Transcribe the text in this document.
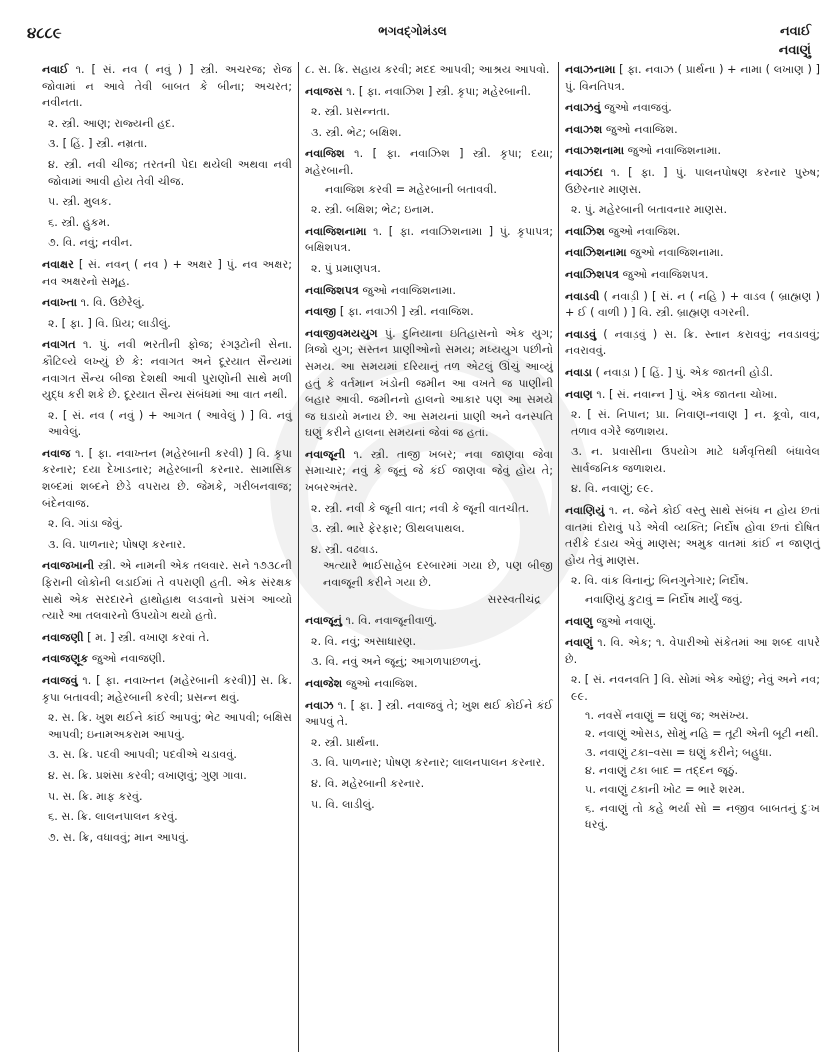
૪૮૮૯	ભગવદ્ગોમંડલ	નવાઈ
નવાણું
નવાઈ ૧. [ સં. નવ ( નવું ) ] સ્ત્રી. અચરજ; રોજ જોવામાં ન આવે તેવી બાબત કે બીના; અચરત; નવીનતા.
૨. સ્ત્રી. આણ; રાજ્યની હદ.
૩. [ હિં. ] સ્ત્રી. નમ્રતા.
૪. સ્ત્રી. નવી ચીજ; તરતની પેદા થયેલી અથવા નવી જોવામાં આવી હોય તેવી ચીજ.
૫. સ્ત્રી. મુલક.
૬. સ્ત્રી. હુકમ.
૭. વિ. નવું; નવીન.
નવાક્ષર [ સં. નવન્ ( નવ ) + અક્ષર ] પું. નવ અક્ષર; નવ અક્ષરનો સમૂહ.
નવાખ્તા ૧. વિ. ઉછેરેલું.
૨. [ ફા. ] વિ. પ્રિય; લાડીલું.
નવાગત ૧. પું. નવી ભરતીની ફોજ; રંગરૂટોની સેના. કૌટિલ્યે લખ્યું છે કે: નવાગત અને દૂરયાત સૈન્યમાં નવાગત સૈન્ય બીજા દેશથી આવી પુરાણોની સાથે મળી યુદ્ધ કરી શકે છે. દૂરયાત સૈન્ય સંબંધમાં આ વાત નથી.
૨. [ સં. નવ ( નવું ) + આગત ( આવેલું ) ] વિ. નવું આવેલું.
નવાજ ૧. [ ફા. નવાખ્તન (મહેરબાની કરવી) ] વિ. કૃપા કરનાર; દયા દેખાડનાર; મહેરબાની કરનાર. સામાસિક શબ્દમાં શબ્દને છેડે વપરાય છે. જેમકે, ગરીબનવાજ; બંદેનવાજ.
૨. વિ. ગાંડા જેવું.
૩. વિ. પાળનાર; પોષણ કરનાર.
નવાજખાની સ્ત્રી. એ નામની એક તલવાર. સને ૧૭૩૮ની ફિરાની લોકોની લડાઈમાં તે વપરાણી હતી. એક સંરક્ષક સાથે એક સરદારને હાથોહાથ લડવાનો પ્રસંગ આવ્યો ત્યારે આ તલવારનો ઉપયોગ થયો હતો.
નવાજણી [ મ. ] સ્ત્રી. વખાણ કરવાં તે.
નવાજણૂક જુઓ નવાજણી.
નવાજવું ૧. [ ફા. નવાખ્તન (મહેરબાની કરવી)] સ. ક્રિ. કૃપા બતાવવી; મહેરબાની કરવી; પ્રસન્ન થવું.
૨. સ. ક્રિ. ખુશ થઈને કાંઈ આપવું; ભેટ આપવી; બક્ષિસ આપવી; ઇનામઅકરામ આપવું.
૩. સ. ક્રિ. પદવી આપવી; પદવીએ ચડાવવું.
૪. સ. ક્રિ. પ્રશંસા કરવી; વખાણવું; ગુણ ગાવા.
૫. સ. ક્રિ. માફ કરવું.
૬. સ. ક્રિ. લાલનપાલન કરવું.
૭. સ. ક્રિ, વધાવવું; માન આપવું.
૮. સ. ક્રિ. સહાય કરવી; મદદ આપવી; આશ્રય આપવો.
નવાજસ ૧. [ ફા. નવાઝિશ ] સ્ત્રી. કૃપા; મહેરબાની.
૨. સ્ત્રી. પ્રસન્નતા.
૩. સ્ત્રી. ભેટ; બક્ષિશ.
નવાજિશ ૧. [ ફા. નવાઝિશ ] સ્ત્રી. કૃપા; દયા; મહેરબાની.
નવાજિશ કરવી = મહેરબાની બતાવવી.
૨. સ્ત્રી. બક્ષિશ; ભેટ; ઇનામ.
નવાજિશનામા ૧. [ ફા. નવાઝિશનામા ] પું. કૃપાપત્ર; બક્ષિશપત્ર.
૨. પું પ્રમાણપત્ર.
નવાજિશપત્ર જુઓ નવાજિશનામા.
નવાજી [ ફા. નવાઝી ] સ્ત્રી. નવાજિશ.
નવાજીવમયયુગ પું. દુનિયાના ઇતિહાસનો એક યુગ; ત્રિજો યુગ; સસ્તન પ્રાણીઓનો સમય; મધ્યયુગ પછીનો સમય. આ સમયમાં દરિયાનું તળ એટલું ઊંચું આવ્યું હતું કે વર્તમાન ખંડોની જમીન આ વખતે જ પાણીની બહાર આવી. જમીનનો હાલનો આકાર પણ આ સમયે જ ઘડાયો મનાય છે. આ સમયનાં પ્રાણી અને વનસ્પતિ ઘણું કરીને હાલના સમયનાં જેવાં જ હતાં.
નવાજૂની ૧. સ્ત્રી. તાજી ખબર; નવા જાણવા જેવા સમાચાર; નવું કે જૂનું જે કંઈ જાણવા જેવું હોય તે; ખબરઅંતર.
૨. સ્ત્રી. નવી કે જૂની વાત; નવી કે જૂની વાતચીત.
૩. સ્ત્રી. ભારે ફેરફાર; ઊથલપાથલ.
૪. સ્ત્રી. વઢવાડ.
અત્યારે ભાઈસાહેબ દરબારમાં ગયા છે, પણ બીજી નવાજૂની કરીને ગયા છે.
સરસ્વતીચંદ્ર
નવાજૂનું ૧. વિ. નવાજૂનીવાળું.
૨. વિ. નવું; અસાધારણ.
૩. વિ. નવું અને જૂનું; આગળપાછળનું.
નવાજેશ જુઓ નવાજિશ.
નવાઝ ૧. [ ફા. ] સ્ત્રી. નવાજવું તે; ખુશ થઈ કોઈને કંઈ આપવું તે.
૨. સ્ત્રી. પ્રાર્થના.
૩. વિ. પાળનાર; પોષણ કરનાર; લાલનપાલન કરનાર.
૪. વિ. મહેરબાની કરનાર.
૫. વિ. લાડીલું.
નવાઝનામા [ ફા. નવાઝ ( પ્રાર્થના ) + નામા ( લખાણ ) ] પું. વિનતિપત્ર.
નવાઝવું જુઓ નવાજવું.
નવાઝશ જુઓ નવાજિશ.
નવાઝશનામા જુઓ નવાજિશનામા.
નવાઝંદા ૧. [ ફા. ] પું. પાલનપોષણ કરનાર પુરુષ; ઉછેરનાર માણસ.
૨. પું. મહેરબાની બતાવનાર માણસ.
નવાઝિશ જુઓ નવાજિશ.
નવાઝિશનામા જુઓ નવાજિશનામા.
નવાઝિશપત્ર જુઓ નવાજિશપત્ર.
નવાડવી ( નવાડ઼ી ) [ સં. ન ( નહિ ) + વાડવ ( બ્રાહ્મણ ) + ઈ ( વાળી ) ] વિ. સ્ત્રી. બ્રાહ્મણ વગરની.
નવાડવું ( નવાડ઼વું ) સ. ક્રિ. સ્નાન કરાવવું; નવડાવવું; નવરાવવું.
નવાડા ( નવાડ઼ા ) [ હિં. ] પું. એક જાતની હોડી.
નવાણ ૧. [ સં. નવાન્ન ] પું. એક જાતના ચોખા.
૨. [ સં. નિપાન; પ્રા. નિવાણ-નવાણ ] ન. કૂવો, વાવ, તળાવ વગેરે જળાશય.
૩. ન. પ્રવાસીના ઉપયોગ માટે ધર્મવૃત્તિથી બંધાવેલ સાર્વજનિક જળાશય.
૪. વિ. નવાણું; ૯૯.
નવાણિયું ૧. ન. જેને કોઈ વસ્તુ સાથે સંબંધ ન હોય છતાં વાતમાં દોરાવું પડે એવી વ્યક્તિ; નિર્દોષ હોવા છતાં દોષિત તરીકે દંડાય એવું માણસ; અમુક વાતમાં કાંઈ ન જાણતું હોય તેવું માણસ.
૨. વિ. વાંક વિનાનું; બિનગુનેગાર; નિર્દોષ.
નવાણિયું કુટાવું = નિર્દોષ માર્યું જવું.
નવાણુ જુઓ નવાણું.
નવાણું ૧. વિ. એક; ૧. વેપારીઓ સંકેતમાં આ શબ્દ વાપરે છે.
૨. [ સં. નવનવતિ ] વિ. સોમાં એક ઓછું; નેવું અને નવ; ૯૯.
૧. નવસેં નવાણું = ઘણું જ; અસંખ્ય.
૨. નવાણું ઓસડ, સોમું નહિ = તૂટી એની બૂટી નથી.
૩. નવાણું ટકા–વસા = ઘણું કરીને; બહુધા.
૪. નવાણું ટકા બાદ = તદ્દન જૂઠું.
૫. નવાણું ટકાની ખોટ = ભારે શરમ.
૬. નવાણું તો કહે ભર્યા સો = નજીવ બાબતનું દુઃખ ધરવું.
